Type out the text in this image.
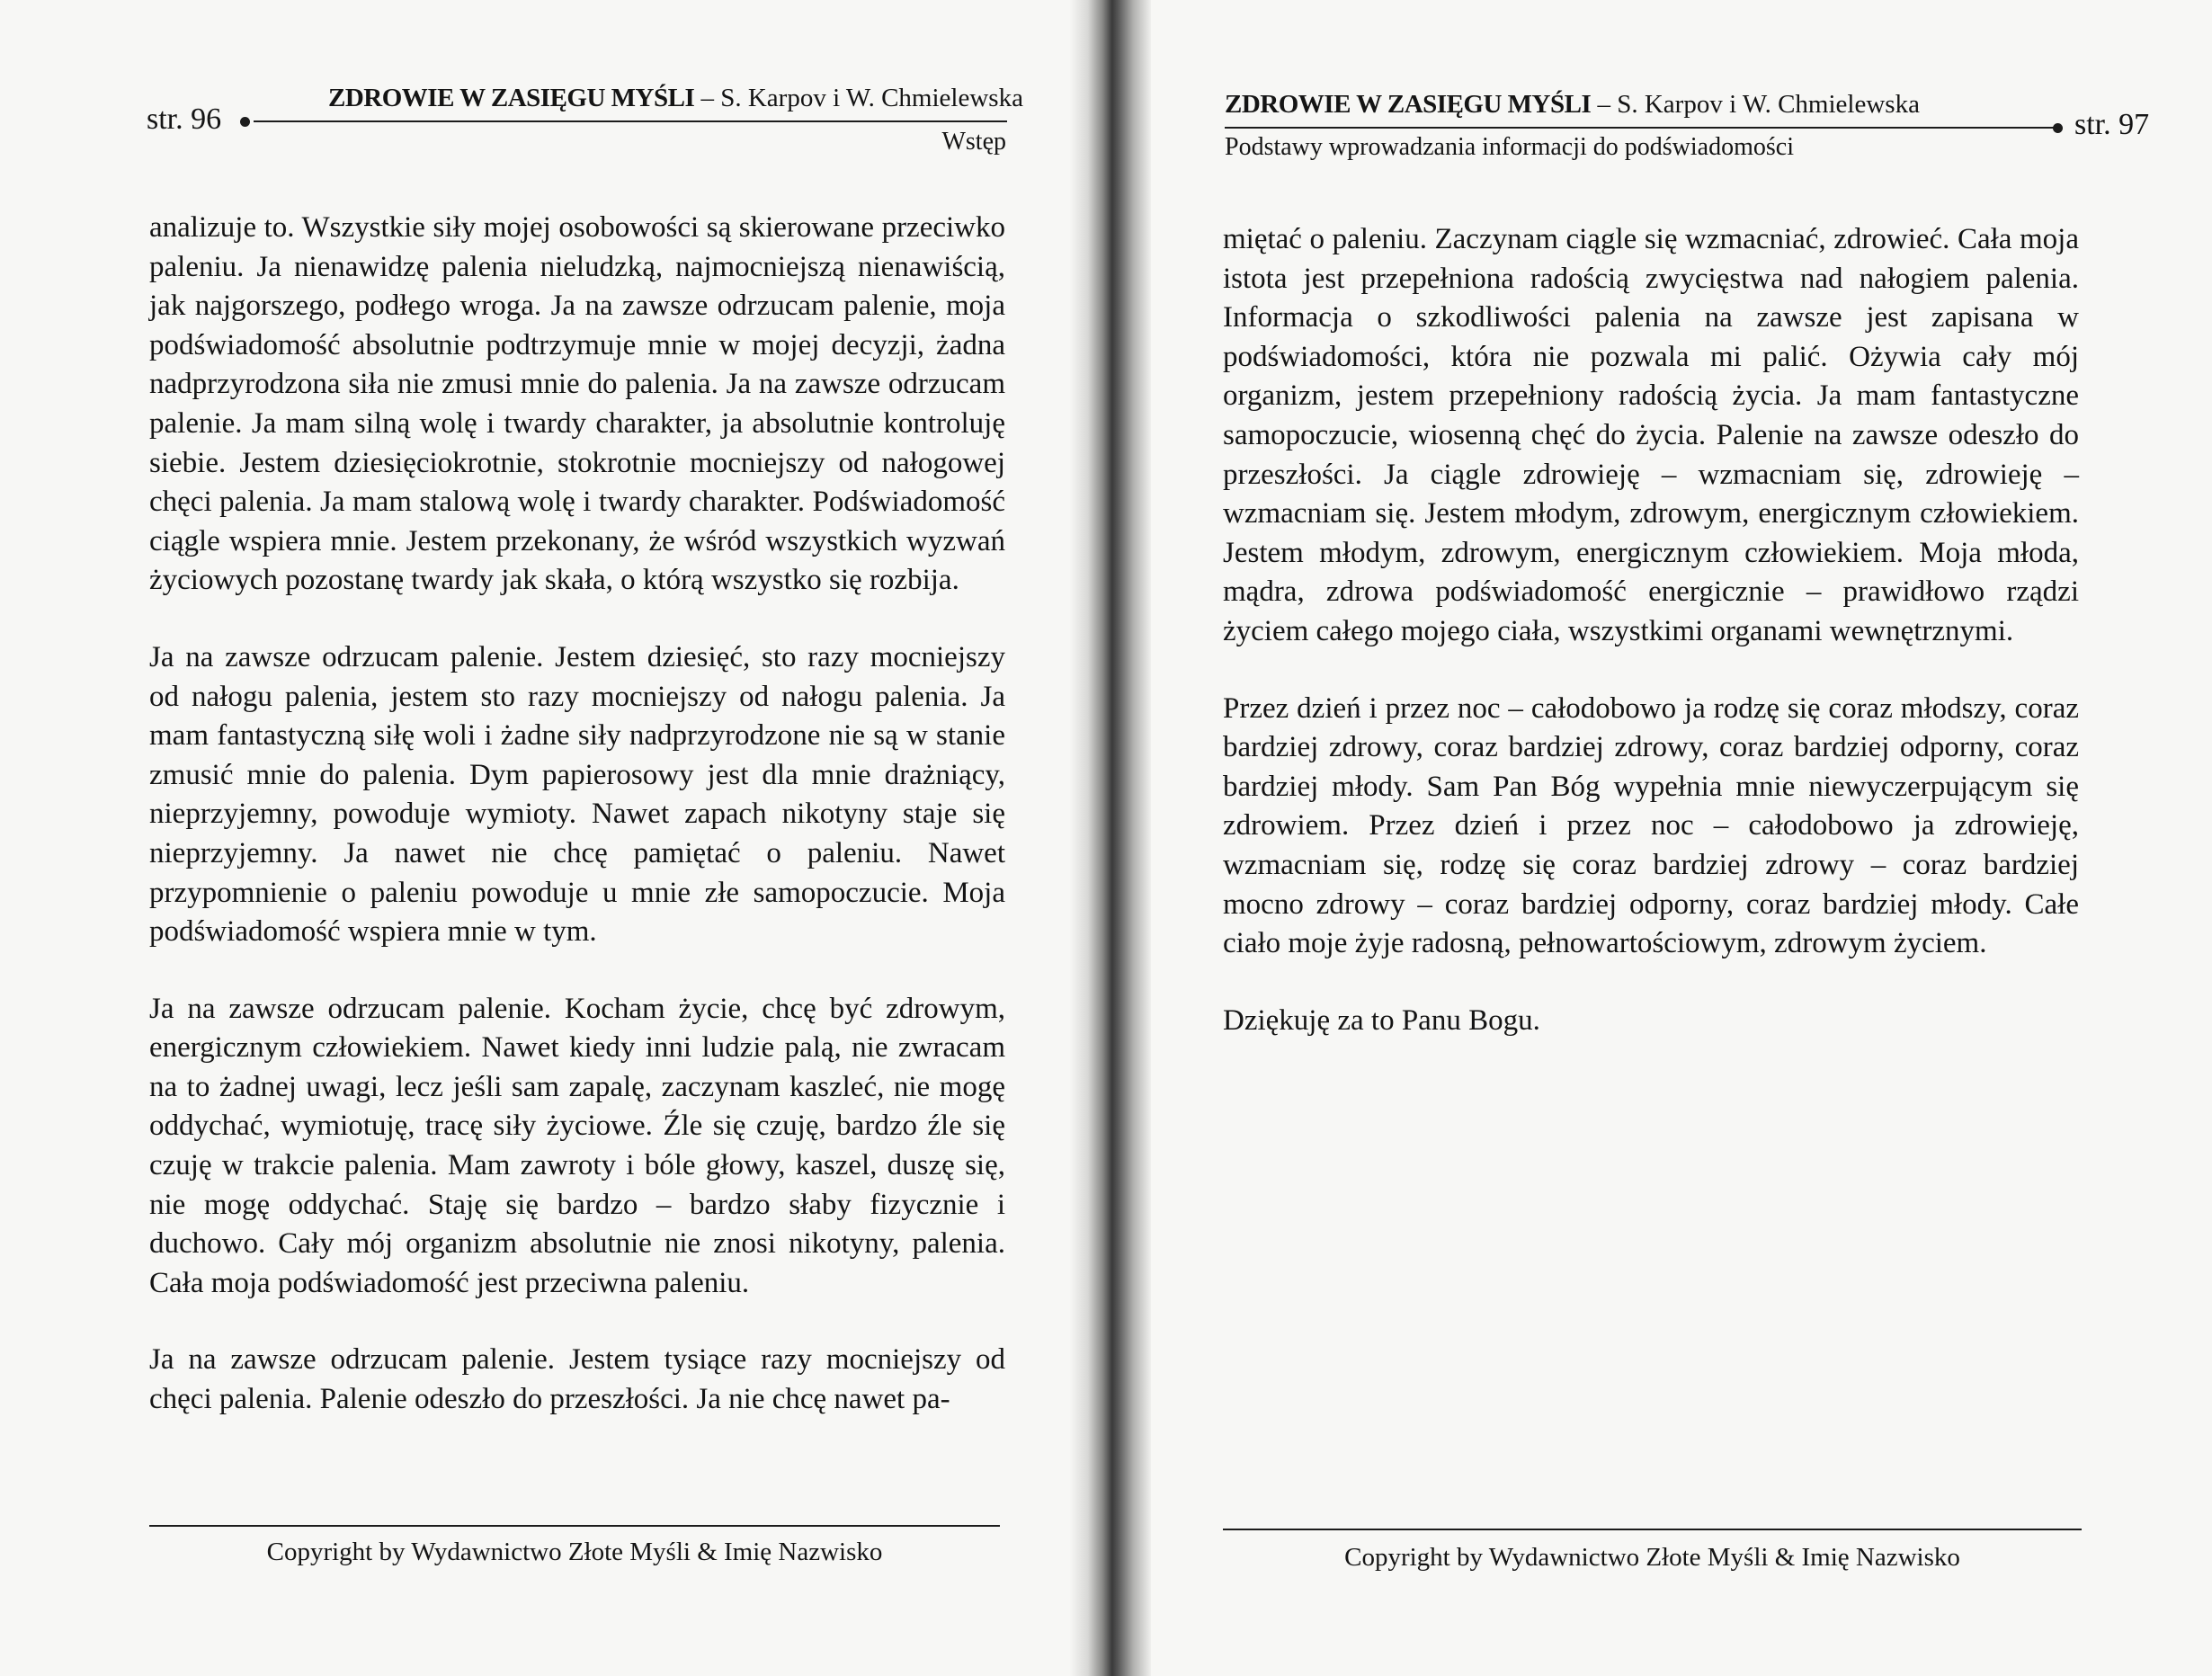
str. 96
ZDROWIE W ZASIĘGU MYŚLI – S. Karpov i W. Chmielewska
Wstęp

analizuje to. Wszystkie siły mojej osobowości są skierowane przeciwko paleniu. Ja nienawidzę palenia nieludzką, najmocniejszą nienawiścią, jak najgorszego, podłego wroga. Ja na zawsze odrzucam palenie, moja podświadomość absolutnie podtrzymuje mnie w mojej decyzji, żadna nadprzyrodzona siła nie zmusi mnie do palenia. Ja na zawsze odrzucam palenie. Ja mam silną wolę i twardy charakter, ja absolutnie kontroluję siebie. Jestem dziesięciokrotnie, stokrotnie mocniejszy od nałogowej chęci palenia. Ja mam stalową wolę i twardy charakter. Podświadomość ciągle wspiera mnie. Jestem przekonany, że wśród wszystkich wyzwań życiowych pozostanę twardy jak skała, o którą wszystko się rozbija.

Ja na zawsze odrzucam palenie. Jestem dziesięć, sto razy mocniejszy od nałogu palenia, jestem sto razy mocniejszy od nałogu palenia. Ja mam fantastyczną siłę woli i żadne siły nadprzyrodzone nie są w stanie zmusić mnie do palenia. Dym papierosowy jest dla mnie drażniący, nieprzyjemny, powoduje wymioty. Nawet zapach nikotyny staje się nieprzyjemny. Ja nawet nie chcę pamiętać o paleniu. Nawet przypomnienie o paleniu powoduje u mnie złe samopoczucie. Moja podświadomość wspiera mnie w tym.

Ja na zawsze odrzucam palenie. Kocham życie, chcę być zdrowym, energicznym człowiekiem. Nawet kiedy inni ludzie palą, nie zwracam na to żadnej uwagi, lecz jeśli sam zapalę, zaczynam kaszleć, nie mogę oddychać, wymiotuję, tracę siły życiowe. Źle się czuję, bardzo źle się czuję w trakcie palenia. Mam zawroty i bóle głowy, kaszel, duszę się, nie mogę oddychać. Staję się bardzo – bardzo słaby fizycznie i duchowo. Cały mój organizm absolutnie nie znosi nikotyny, palenia. Cała moja podświadomość jest przeciwna paleniu.

Ja na zawsze odrzucam palenie. Jestem tysiące razy mocniejszy od chęci palenia. Palenie odeszło do przeszłości. Ja nie chcę nawet pa-

Copyright by Wydawnictwo Złote Myśli & Imię Nazwisko
ZDROWIE W ZASIĘGU MYŚLI – S. Karpov i W. Chmielewska
str. 97
Podstawy wprowadzania informacji do podświadomości

miętać o paleniu. Zaczynam ciągle się wzmacniać, zdrowieć. Cała moja istota jest przepełniona radością zwycięstwa nad nałogiem palenia. Informacja o szkodliwości palenia na zawsze jest zapisana w podświadomości, która nie pozwala mi palić. Ożywia cały mój organizm, jestem przepełniony radością życia. Ja mam fantastyczne samopoczucie, wiosenną chęć do życia. Palenie na zawsze odeszło do przeszłości. Ja ciągle zdrowieję – wzmacniam się, zdrowieję – wzmacniam się. Jestem młodym, zdrowym, energicznym człowiekiem. Jestem młodym, zdrowym, energicznym człowiekiem. Moja młoda, mądra, zdrowa podświadomość energicznie – prawidłowo rządzi życiem całego mojego ciała, wszystkimi organami wewnętrznymi.

Przez dzień i przez noc – całodobowo ja rodzę się coraz młodszy, coraz bardziej zdrowy, coraz bardziej zdrowy, coraz bardziej odporny, coraz bardziej młody. Sam Pan Bóg wypełnia mnie niewyczerpującym się zdrowiem. Przez dzień i przez noc – całodobowo ja zdrowieję, wzmacniam się, rodzę się coraz bardziej zdrowy – coraz bardziej mocno zdrowy – coraz bardziej odporny, coraz bardziej młody. Całe ciało moje żyje radosną, pełnowartościowym, zdrowym życiem.

Dziękuję za to Panu Bogu.

Copyright by Wydawnictwo Złote Myśli & Imię Nazwisko
